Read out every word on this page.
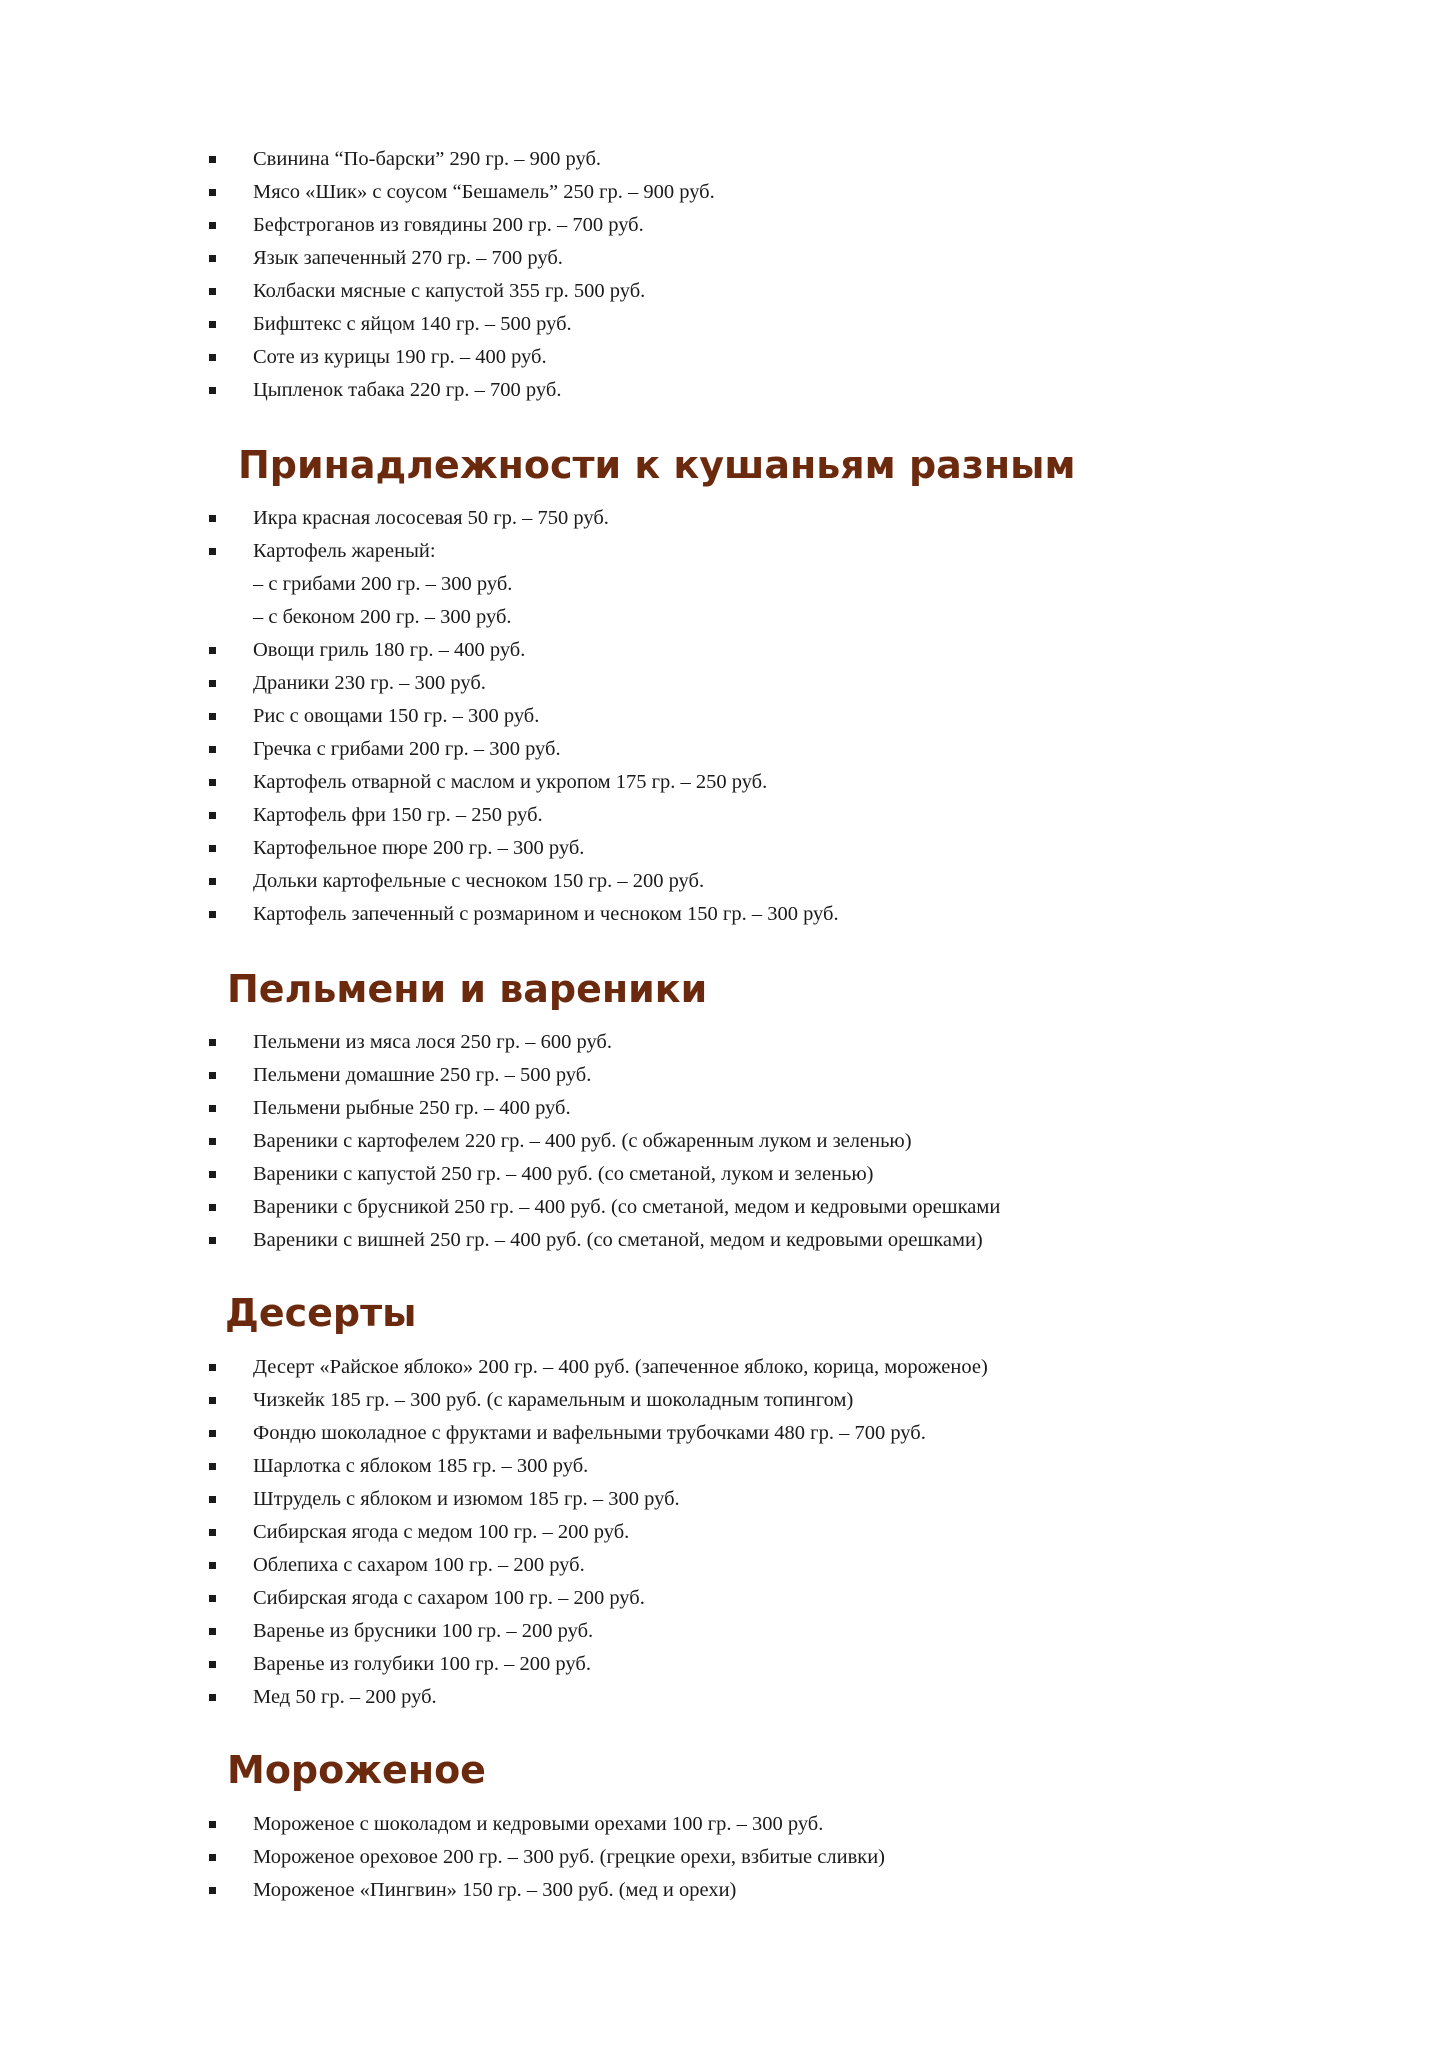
Свинина “По-барски” 290 гр. – 900 руб.
Мясо «Шик» с соусом “Бешамель” 250 гр. – 900 руб.
Бефстроганов из говядины 200 гр. – 700 руб.
Язык запеченный 270 гр. – 700 руб.
Колбаски мясные с капустой 355 гр. 500 руб.
Бифштекс с яйцом 140 гр. – 500 руб.
Соте из курицы 190 гр. – 400 руб.
Цыпленок табака 220 гр. – 700 руб.
Принадлежности к кушаньям разным
Икра красная лососевая 50 гр. – 750 руб.
Картофель жареный:
– с грибами 200 гр. – 300 руб.
– с беконом 200 гр. – 300 руб.
Овощи гриль 180 гр. – 400 руб.
Драники 230 гр. – 300 руб.
Рис с овощами 150 гр. – 300 руб.
Гречка с грибами 200 гр. – 300 руб.
Картофель отварной с маслом и укропом 175 гр. – 250 руб.
Картофель фри 150 гр. – 250 руб.
Картофельное пюре 200 гр. – 300 руб.
Дольки картофельные с чесноком 150 гр. – 200 руб.
Картофель запеченный с розмарином и чесноком 150 гр. – 300 руб.
Пельмени и вареники
Пельмени из мяса лося 250 гр. – 600 руб.
Пельмени домашние 250 гр. – 500 руб.
Пельмени рыбные 250 гр. – 400 руб.
Вареники с картофелем 220 гр. – 400 руб. (с обжаренным луком и зеленью)
Вареники с капустой 250 гр. – 400 руб. (со сметаной, луком и зеленью)
Вареники с брусникой 250 гр. – 400 руб. (со сметаной, медом и кедровыми орешками
Вареники с вишней 250 гр. – 400 руб. (со сметаной, медом и кедровыми орешками)
Десерты
Десерт «Райское яблоко» 200 гр. – 400 руб. (запеченное яблоко, корица, мороженое)
Чизкейк 185 гр. – 300 руб. (с карамельным и шоколадным топингом)
Фондю шоколадное с фруктами и вафельными трубочками 480 гр. – 700 руб.
Шарлотка с яблоком 185 гр. – 300 руб.
Штрудель с яблоком и изюмом 185 гр. – 300 руб.
Сибирская ягода с медом 100 гр. – 200 руб.
Облепиха с сахаром 100 гр. – 200 руб.
Сибирская ягода с сахаром 100 гр. – 200 руб.
Варенье из брусники 100 гр. – 200 руб.
Варенье из голубики 100 гр. – 200 руб.
Мед 50 гр. – 200 руб.
Мороженое
Мороженое с шоколадом и кедровыми орехами 100 гр. – 300 руб.
Мороженое ореховое 200 гр. – 300 руб. (грецкие орехи, взбитые сливки)
Мороженое «Пингвин» 150 гр. – 300 руб. (мед и орехи)
